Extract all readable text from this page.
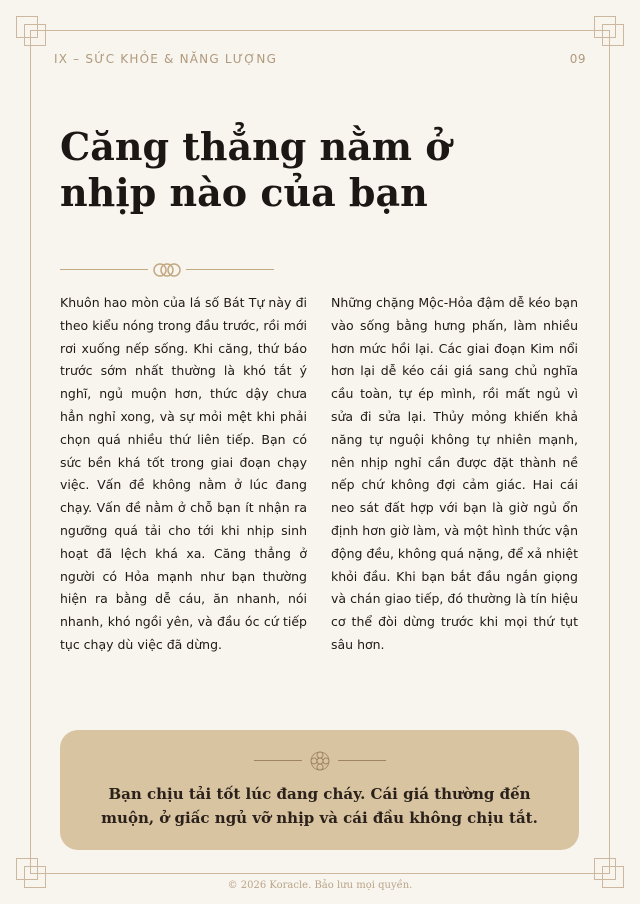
IX – SỨC KHỎE & NĂNG LƯỢNG	09
Căng thẳng nằm ở
nhịp nào của bạn
Khuôn hao mòn của lá số Bát Tự này đi theo kiểu nóng trong đầu trước, rồi mới rơi xuống nếp sống. Khi căng, thứ báo trước sớm nhất thường là khó tắt ý nghĩ, ngủ muộn hơn, thức dậy chưa hẳn nghỉ xong, và sự mỏi mệt khi phải chọn quá nhiều thứ liên tiếp. Bạn có sức bền khá tốt trong giai đoạn chạy việc. Vấn đề không nằm ở lúc đang chạy. Vấn đề nằm ở chỗ bạn ít nhận ra ngưỡng quá tải cho tới khi nhịp sinh hoạt đã lệch khá xa. Căng thẳng ở người có Hỏa mạnh như bạn thường hiện ra bằng dễ cáu, ăn nhanh, nói nhanh, khó ngồi yên, và đầu óc cứ tiếp tục chạy dù việc đã dừng.
Những chặng Mộc-Hỏa đậm dễ kéo bạn vào sống bằng hưng phấn, làm nhiều hơn mức hồi lại. Các giai đoạn Kim nổi hơn lại dễ kéo cái giá sang chủ nghĩa cầu toàn, tự ép mình, rồi mất ngủ vì sửa đi sửa lại. Thủy mỏng khiến khả năng tự nguội không tự nhiên mạnh, nên nhịp nghỉ cần được đặt thành nề nếp chứ không đợi cảm giác. Hai cái neo sát đất hợp với bạn là giờ ngủ ổn định hơn giờ làm, và một hình thức vận động đều, không quá nặng, để xả nhiệt khỏi đầu. Khi bạn bắt đầu ngắn giọng và chán giao tiếp, đó thường là tín hiệu cơ thể đòi dừng trước khi mọi thứ tụt sâu hơn.
Bạn chịu tải tốt lúc đang cháy. Cái giá thường đến muộn, ở giấc ngủ vỡ nhịp và cái đầu không chịu tắt.
© 2026 Koracle. Bảo lưu mọi quyền.
